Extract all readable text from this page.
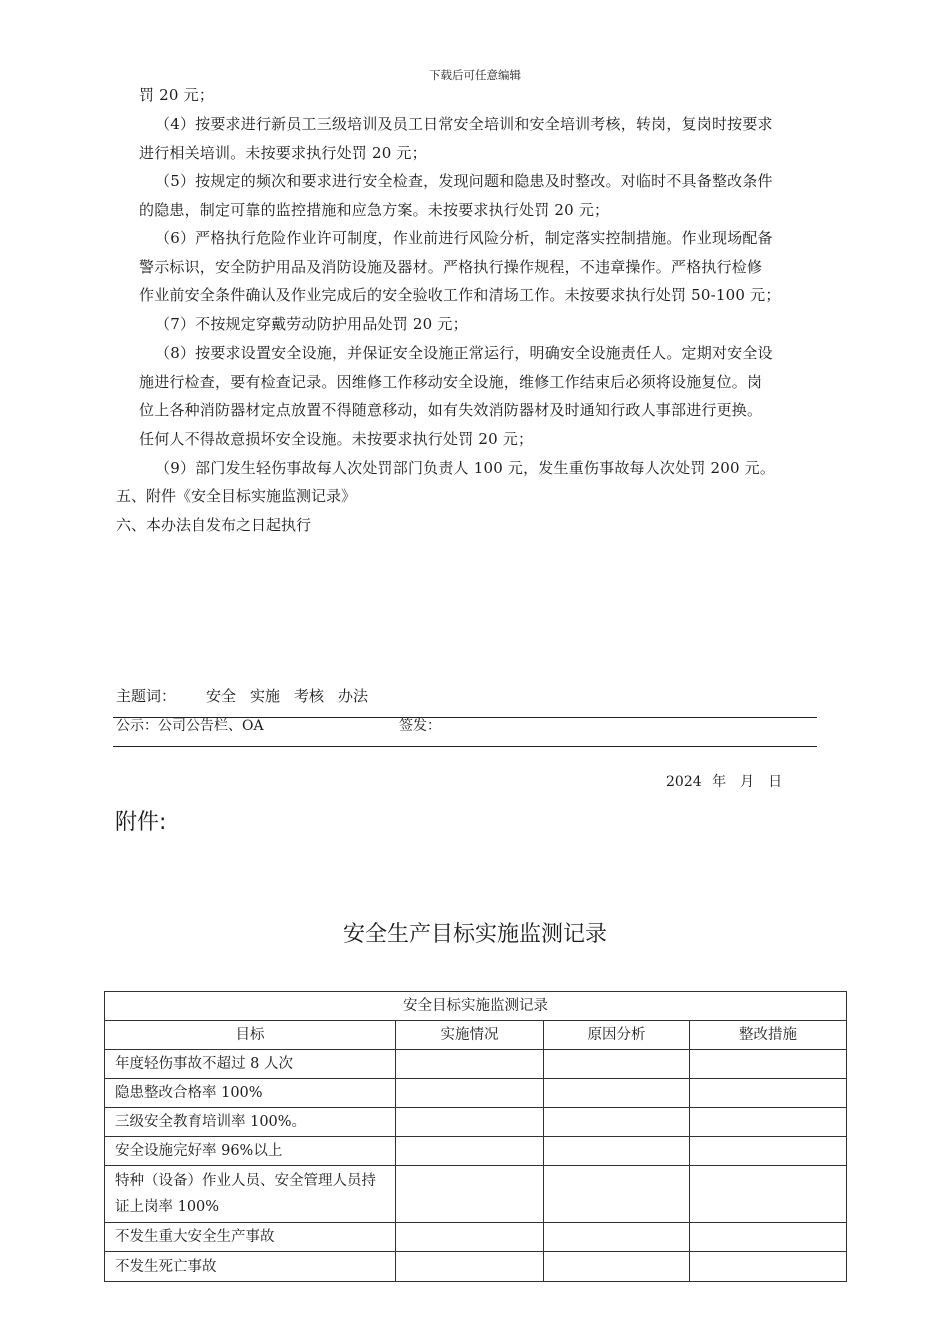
下载后可任意编辑
罚 20 元；
（4）按要求进行新员工三级培训及员工日常安全培训和安全培训考核，转岗，复岗时按要求
进行相关培训。未按要求执行处罚 20 元；
（5）按规定的频次和要求进行安全检查，发现问题和隐患及时整改。对临时不具备整改条件
的隐患，制定可靠的监控措施和应急方案。未按要求执行处罚 20 元；
（6）严格执行危险作业许可制度，作业前进行风险分析，制定落实控制措施。作业现场配备
警示标识，安全防护用品及消防设施及器材。严格执行操作规程，不违章操作。严格执行检修
作业前安全条件确认及作业完成后的安全验收工作和清场工作。未按要求执行处罚 50-100 元；
（7）不按规定穿戴劳动防护用品处罚 20 元；
（8）按要求设置安全设施，并保证安全设施正常运行，明确安全设施责任人。定期对安全设
施进行检查，要有检查记录。因维修工作移动安全设施，维修工作结束后必须将设施复位。岗
位上各种消防器材定点放置不得随意移动，如有失效消防器材及时通知行政人事部进行更换。
任何人不得故意损坏安全设施。未按要求执行处罚 20 元；
（9）部门发生轻伤事故每人次处罚部门负责人 100 元，发生重伤事故每人次处罚 200 元。
五、附件《安全目标实施监测记录》
六、本办法自发布之日起执行
主题词： 安全 实施 考核 办法
公示：公司公告栏、OA	签发：
2024 年　月　日
附件:
安全生产目标实施监测记录
安全目标实施监测记录			
目标	实施情况	原因分析	整改措施
年度轻伤事故不超过 8 人次			
隐患整改合格率 100%			
三级安全教育培训率 100%。			
安全设施完好率 96%以上			
特种（设备）作业人员、安全管理人员持证上岗率 100%			
不发生重大安全生产事故			
不发生死亡事故			
